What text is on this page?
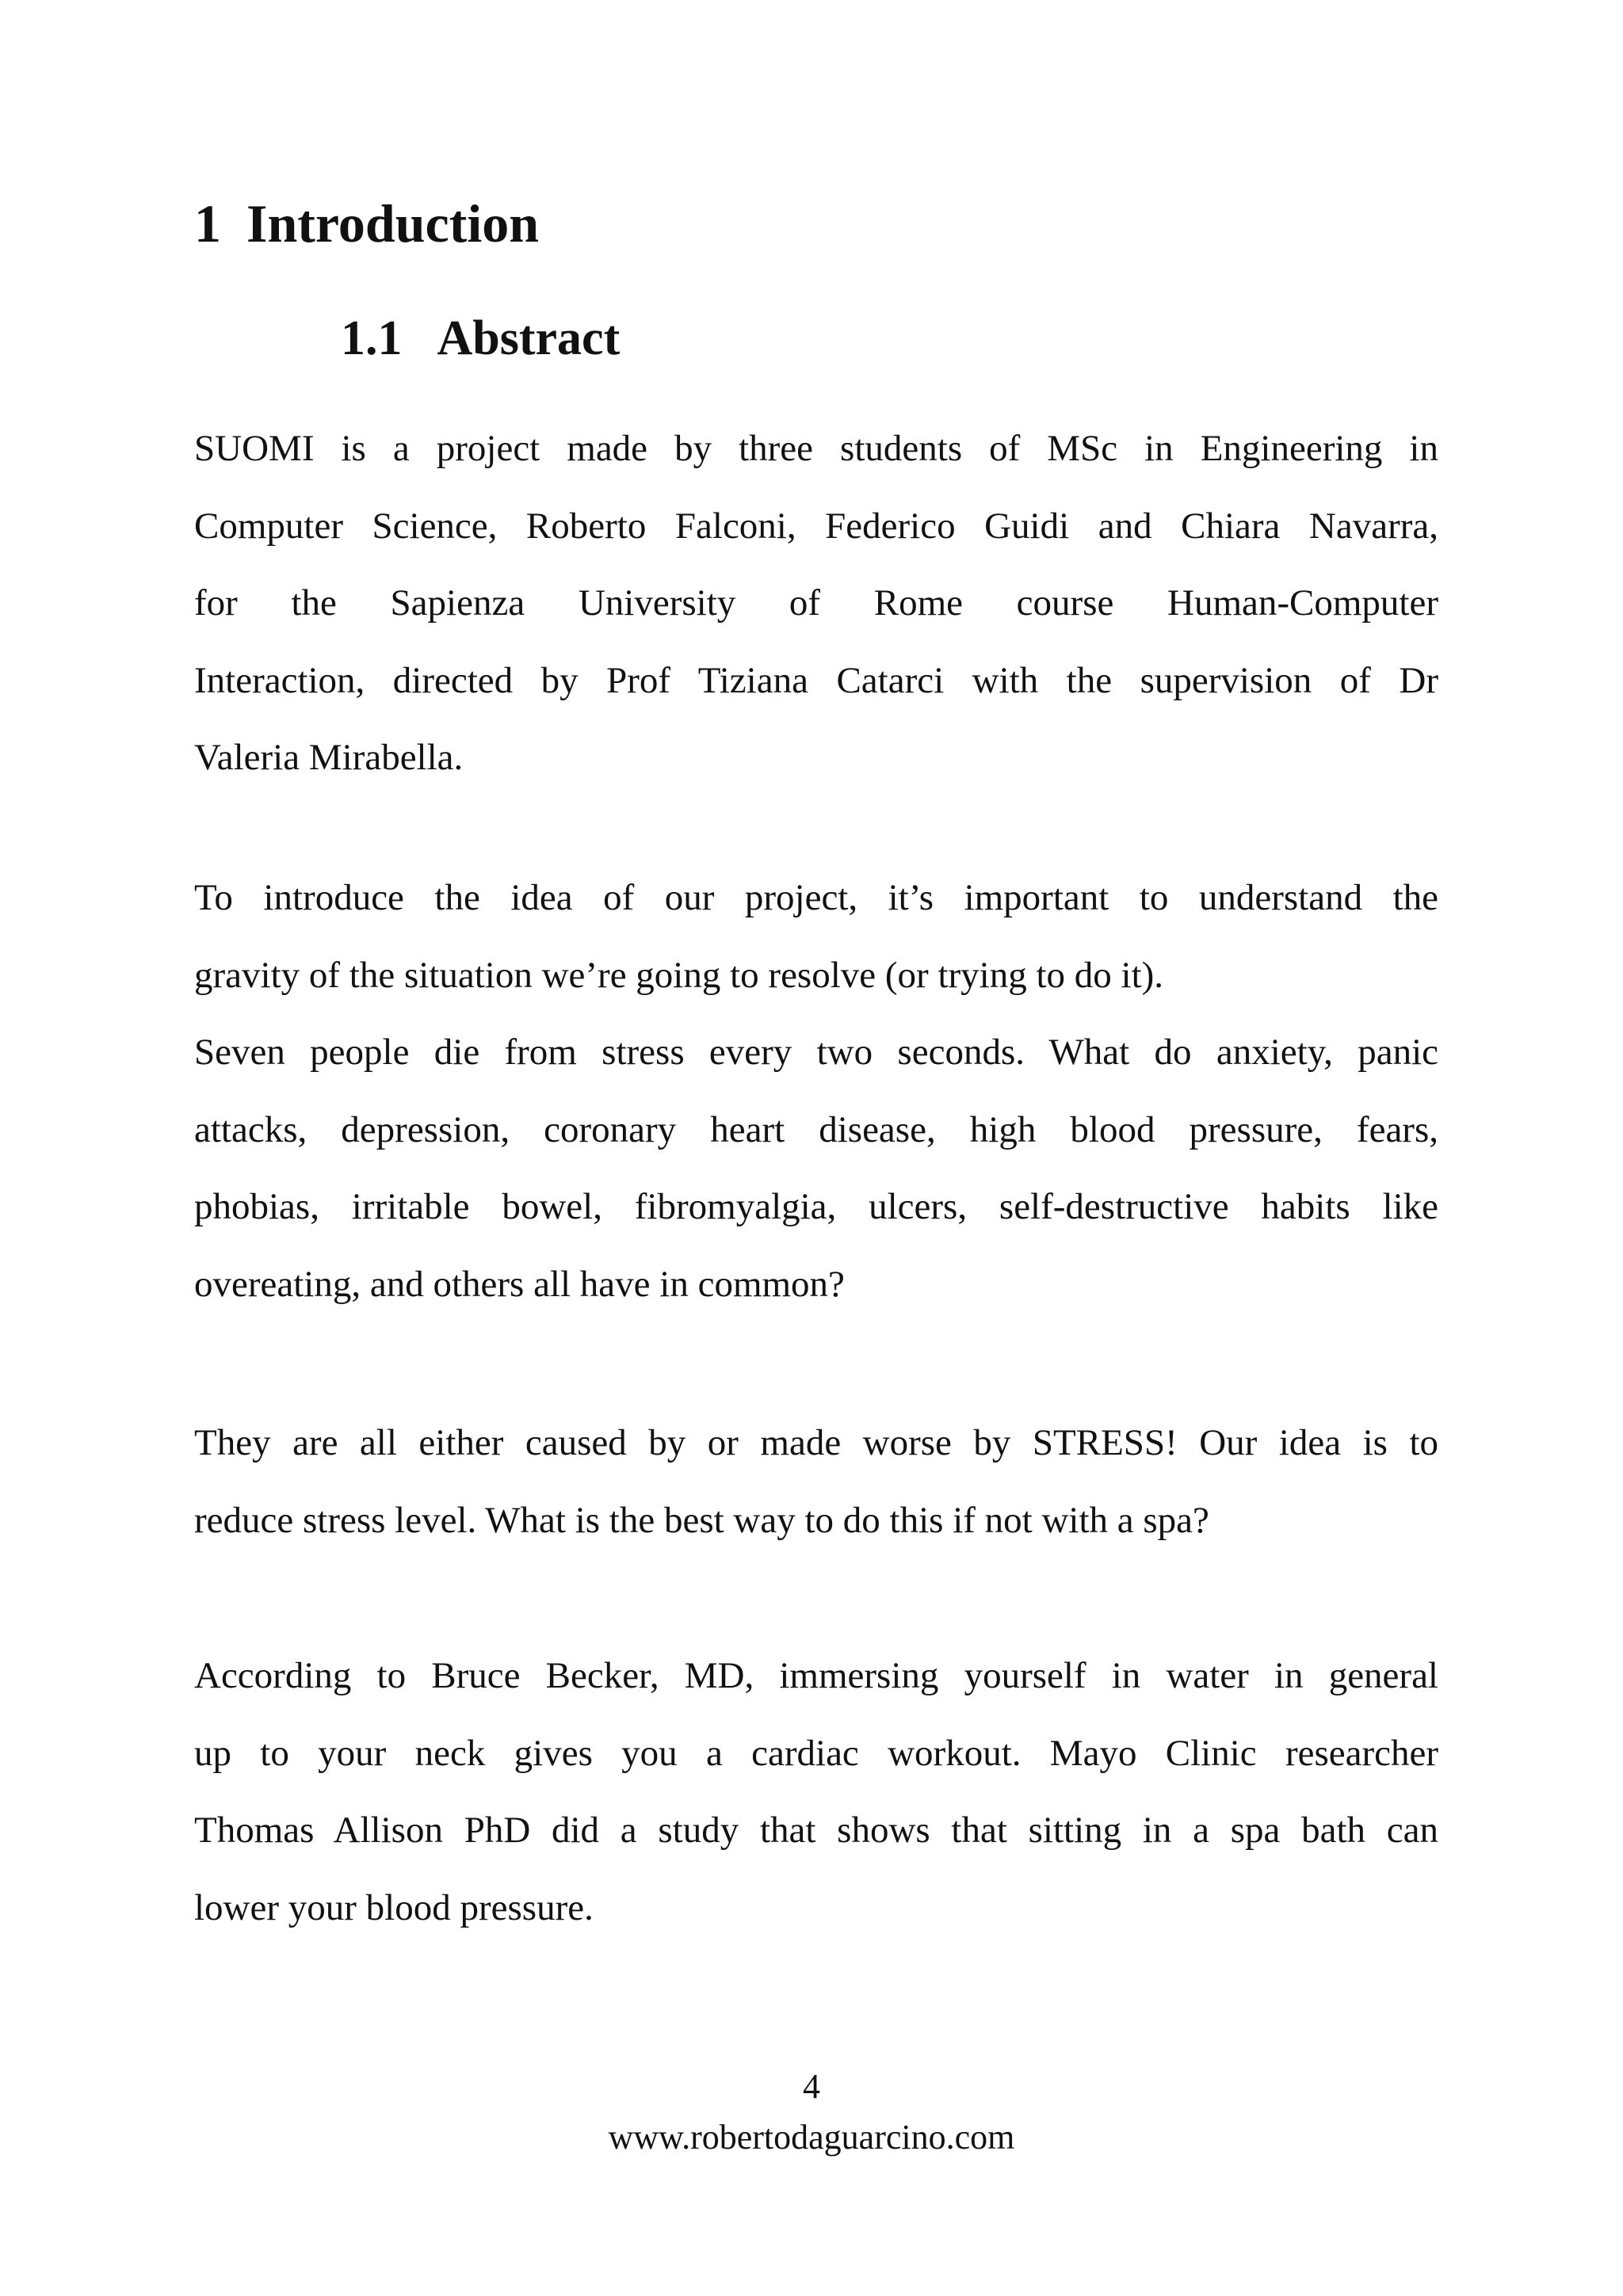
1 Introduction
1.1 Abstract
SUOMI is a project made by three students of MSc in Engineering in
Computer Science, Roberto Falconi, Federico Guidi and Chiara Navarra,
for the Sapienza University of Rome course Human-Computer
Interaction, directed by Prof Tiziana Catarci with the supervision of Dr
Valeria Mirabella.
To introduce the idea of our project, it’s important to understand the
gravity of the situation we’re going to resolve (or trying to do it).
Seven people die from stress every two seconds. What do anxiety, panic
attacks, depression, coronary heart disease, high blood pressure, fears,
phobias, irritable bowel, fibromyalgia, ulcers, self-destructive habits like
overeating, and others all have in common?
They are all either caused by or made worse by STRESS! Our idea is to
reduce stress level. What is the best way to do this if not with a spa?
According to Bruce Becker, MD, immersing yourself in water in general
up to your neck gives you a cardiac workout. Mayo Clinic researcher
Thomas Allison PhD did a study that shows that sitting in a spa bath can
lower your blood pressure.
4
www.robertodaguarcino.com
